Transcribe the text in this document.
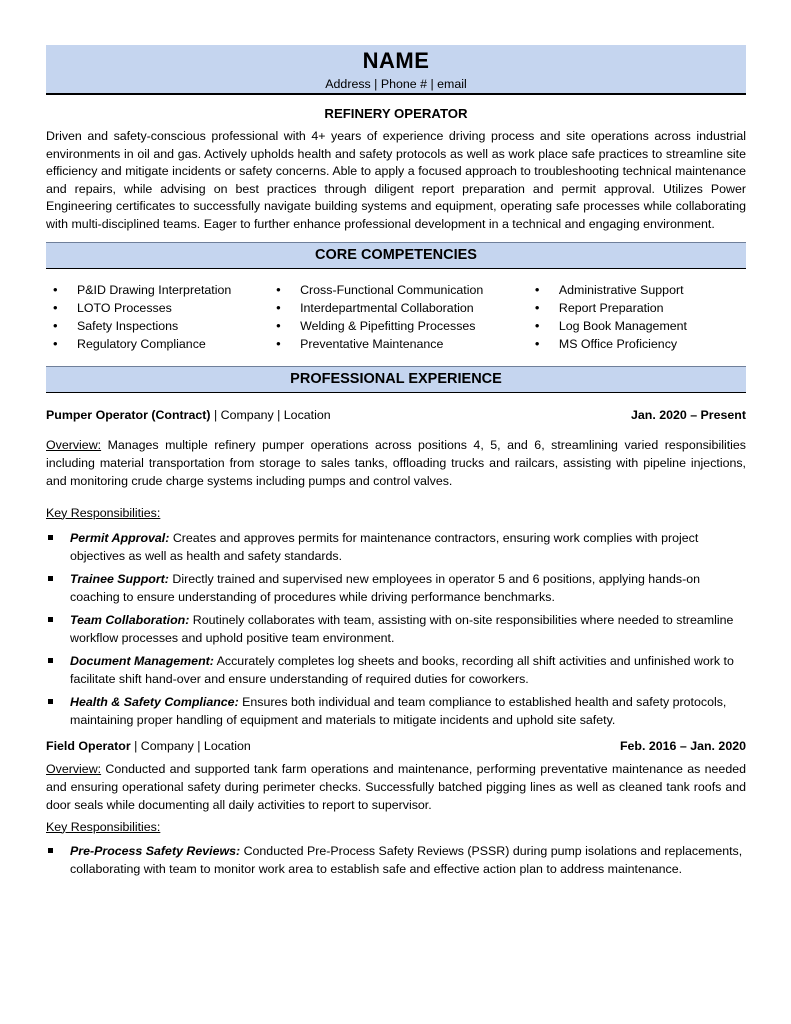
NAME
Address | Phone # | email
REFINERY OPERATOR

Driven and safety-conscious professional with 4+ years of experience driving process and site operations across industrial environments in oil and gas. Actively upholds health and safety protocols as well as work place safe practices to streamline site efficiency and mitigate incidents or safety concerns. Able to apply a focused approach to troubleshooting technical maintenance and repairs, while advising on best practices through diligent report preparation and permit approval. Utilizes Power Engineering certificates to successfully navigate building systems and equipment, operating safe processes while collaborating with multi-disciplined teams. Eager to further enhance professional development in a technical and engaging environment.

CORE COMPETENCIES
• P&ID Drawing Interpretation
• LOTO Processes
• Safety Inspections
• Regulatory Compliance
• Cross-Functional Communication
• Interdepartmental Collaboration
• Welding & Pipefitting Processes
• Preventative Maintenance
• Administrative Support
• Report Preparation
• Log Book Management
• MS Office Proficiency
PROFESSIONAL EXPERIENCE
Pumper Operator (Contract) | Company | Location	Jan. 2020 – Present

Overview: Manages multiple refinery pumper operations across positions 4, 5, and 6, streamlining varied responsibilities including material transportation from storage to sales tanks, offloading trucks and railcars, assisting with pipeline injections, and monitoring crude charge systems including pumps and control valves.

Key Responsibilities:
Permit Approval: Creates and approves permits for maintenance contractors, ensuring work complies with project objectives as well as health and safety standards.
Trainee Support: Directly trained and supervised new employees in operator 5 and 6 positions, applying hands-on coaching to ensure understanding of procedures while driving performance benchmarks.
Team Collaboration: Routinely collaborates with team, assisting with on-site responsibilities where needed to streamline workflow processes and uphold positive team environment.
Document Management: Accurately completes log sheets and books, recording all shift activities and unfinished work to facilitate shift hand-over and ensure understanding of required duties for coworkers.
Health & Safety Compliance: Ensures both individual and team compliance to established health and safety protocols, maintaining proper handling of equipment and materials to mitigate incidents and uphold site safety.
Field Operator | Company | Location	Feb. 2016 – Jan. 2020

Overview: Conducted and supported tank farm operations and maintenance, performing preventative maintenance as needed and ensuring operational safety during perimeter checks. Successfully batched pigging lines as well as cleaned tank roofs and door seals while documenting all daily activities to report to supervisor.

Key Responsibilities:
Pre-Process Safety Reviews: Conducted Pre-Process Safety Reviews (PSSR) during pump isolations and replacements, collaborating with team to monitor work area to establish safe and effective action plan to address maintenance.
